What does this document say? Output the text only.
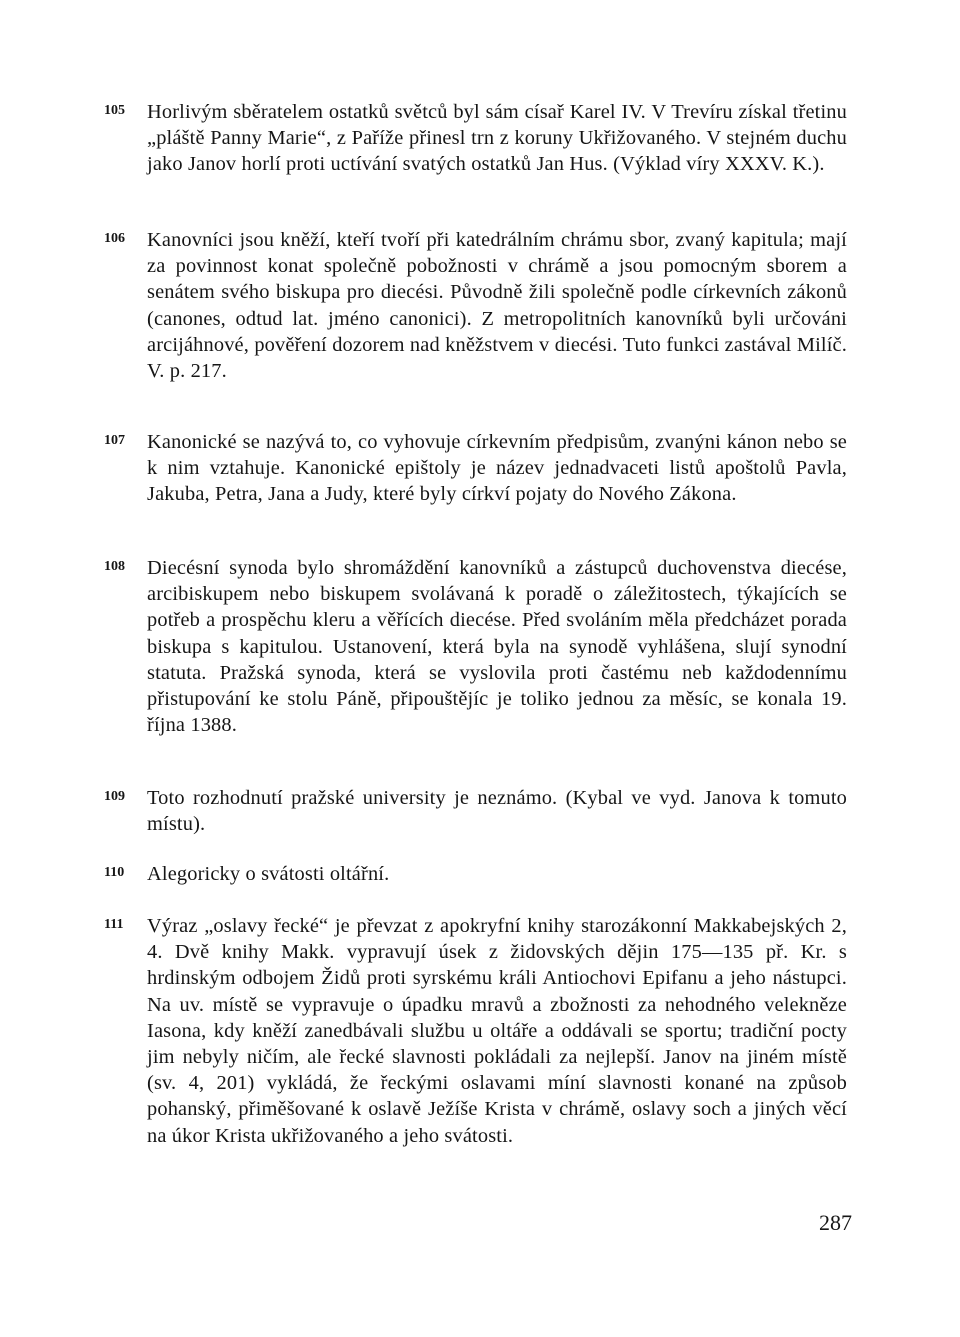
105	Horlivým sběratelem ostatků světců byl sám císař Karel IV. V Trevíru získal třetinu „pláště Panny Marie“, z Paříže přinesl trn z koruny Ukřižovaného. V stejném duchu jako Janov horlí proti uctívání svatých ostatků Jan Hus. (Výklad víry XXXV. K.).
106	Kanovníci jsou kněží, kteří tvoří při katedrálním chrámu sbor, zvaný kapitula; mají za povinnost konat společně pobožnosti v chrámě a jsou pomocným sborem a senátem svého biskupa pro diecési. Původně žili společně podle církevních zákonů (canones, odtud lat. jméno canonici). Z metropolitních kanovníků byli určováni arcijáhnové, pověření dozorem nad kněžstvem v diecési. Tuto funkci zastával Milíč. V. p. 217.
107	Kanonické se nazývá to, co vyhovuje církevním předpisům, zvanýni kánon nebo se k nim vztahuje. Kanonické epištoly je název jednadvaceti listů apoštolů Pavla, Jakuba, Petra, Jana a Judy, které byly církví pojaty do Nového Zákona.
108	Diecésní synoda bylo shromáždění kanovníků a zástupců duchovenstva diecése, arcibiskupem nebo biskupem svolávaná k poradě o záležitostech, týkajících se potřeb a prospěchu kleru a věřících diecése. Před svoláním měla předcházet porada biskupa s kapitulou. Ustanovení, která byla na synodě vyhlášena, slují synodní statuta. Pražská synoda, která se vyslovila proti častému neb každodennímu přistupování ke stolu Páně, připouštějíc je toliko jednou za měsíc, se konala 19. října 1388.
109	Toto rozhodnutí pražské university je neznámo. (Kybal ve vyd. Janova k tomuto místu).
110	Alegoricky o svátosti oltářní.
111	Výraz „oslavy řecké“ je převzat z apokryfní knihy starozákonní Makkabejských 2, 4. Dvě knihy Makk. vypravují úsek z židovských dějin 175—135 př. Kr. s hrdinským odbojem Židů proti syrskému králi Antiochovi Epifanu a jeho nástupci. Na uv. místě se vypravuje o úpadku mravů a zbožnosti za nehodného velekněze Iasona, kdy kněží zanedbávali službu u oltáře a oddávali se sportu; tradiční pocty jim nebyly ničím, ale řecké slavnosti pokládali za nejlepší. Janov na jiném místě (sv. 4, 201) vykládá, že řeckými oslavami míní slavnosti konané na způsob pohanský, přiměšované k oslavě Ježíše Krista v chrámě, oslavy soch a jiných věcí na úkor Krista ukřižovaného a jeho svátosti.
287
